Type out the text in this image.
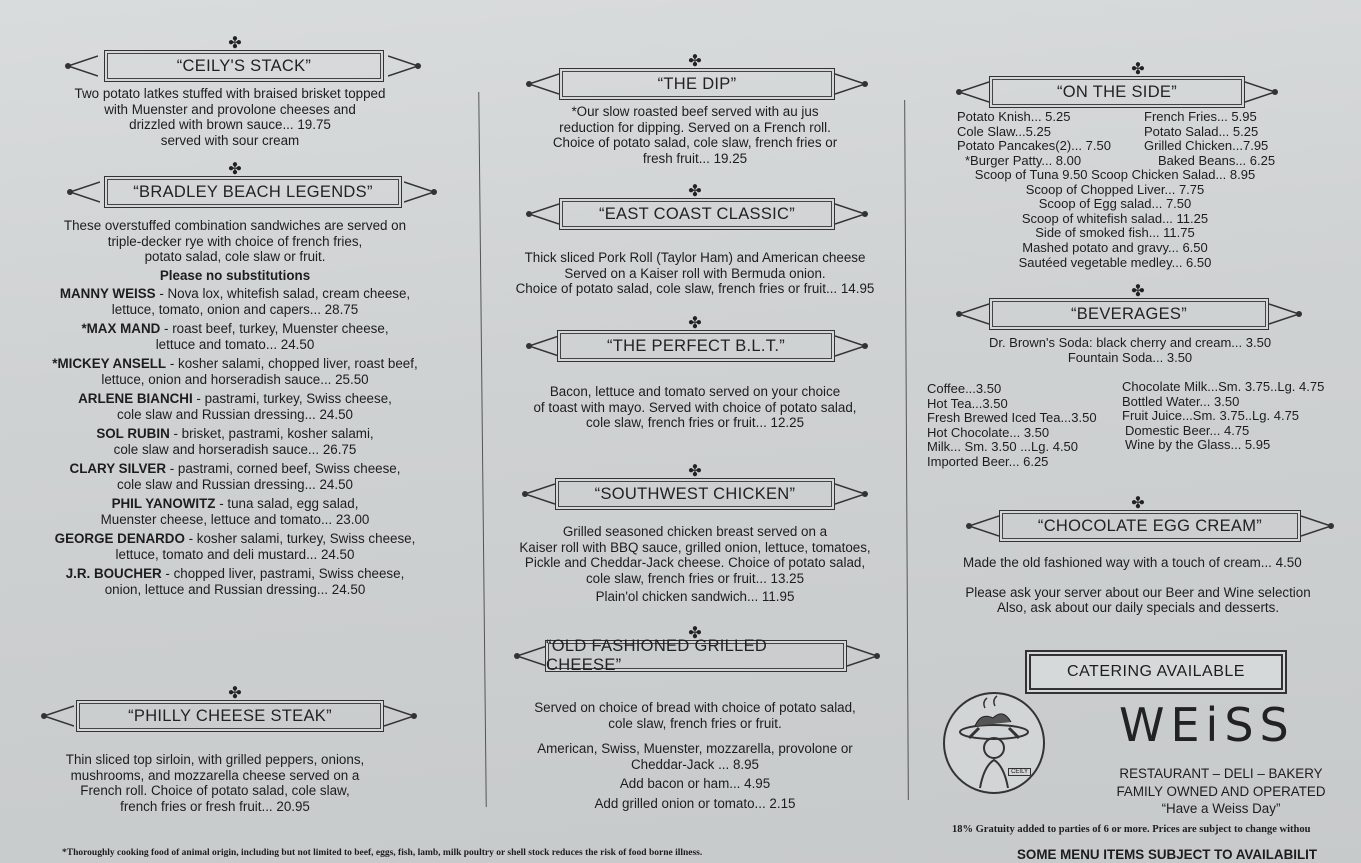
✤
“CEILY'S STACK”
Two potato latkes stuffed with braised brisket topped
with Muenster and provolone cheeses and
drizzled with brown sauce... 19.75
served with sour cream
✤
“BRADLEY BEACH LEGENDS”
These overstuffed combination sandwiches are served on
triple-decker rye with choice of french fries,
potato salad, cole slaw or fruit.
Please no substitutions
MANNY WEISS - Nova lox, whitefish salad, cream cheese,
lettuce, tomato, onion and capers... 28.75
*MAX MAND - roast beef, turkey, Muenster cheese,
lettuce and tomato... 24.50
*MICKEY ANSELL - kosher salami, chopped liver, roast beef,
lettuce, onion and horseradish sauce... 25.50
ARLENE BIANCHI - pastrami, turkey, Swiss cheese,
cole slaw and Russian dressing... 24.50
SOL RUBIN - brisket, pastrami, kosher salami,
cole slaw and horseradish sauce... 26.75
CLARY SILVER - pastrami, corned beef, Swiss cheese,
cole slaw and Russian dressing... 24.50
PHIL YANOWITZ - tuna salad, egg salad,
Muenster cheese, lettuce and tomato... 23.00
GEORGE DENARDO - kosher salami, turkey, Swiss cheese,
lettuce, tomato and deli mustard... 24.50
J.R. BOUCHER - chopped liver, pastrami, Swiss cheese,
onion, lettuce and Russian dressing... 24.50
✤
“PHILLY CHEESE STEAK”
Thin sliced top sirloin, with grilled peppers, onions,
mushrooms, and mozzarella cheese served on a
French roll. Choice of potato salad, cole slaw,
french fries or fresh fruit... 20.95
✤
“THE DIP”
*Our slow roasted beef served with au jus
reduction for dipping. Served on a French roll.
Choice of potato salad, cole slaw, french fries or
fresh fruit... 19.25
✤
“EAST COAST CLASSIC”
Thick sliced Pork Roll (Taylor Ham) and American cheese
Served on a Kaiser roll with Bermuda onion.
Choice of potato salad, cole slaw, french fries or fruit... 14.95
✤
“THE PERFECT B.L.T.”
Bacon, lettuce and tomato served on your choice
of toast with mayo. Served with choice of potato salad,
cole slaw, french fries or fruit... 12.25
✤
“SOUTHWEST CHICKEN”
Grilled seasoned chicken breast served on a
Kaiser roll with BBQ sauce, grilled onion, lettuce, tomatoes,
Pickle and Cheddar-Jack cheese. Choice of potato salad,
cole slaw, french fries or fruit... 13.25
Plain'ol chicken sandwich... 11.95
✤
“OLD FASHIONED GRILLED CHEESE”
Served on choice of bread with choice of potato salad,
cole slaw, french fries or fruit.
American, Swiss, Muenster, mozzarella, provolone or
Cheddar-Jack ... 8.95
Add bacon or ham... 4.95
Add grilled onion or tomato... 2.15
✤
“ON THE SIDE”
Potato Knish... 5.25
Cole Slaw...5.25
Potato Pancakes(2)... 7.50
*Burger Patty... 8.00
French Fries... 5.95
Potato Salad... 5.25
Grilled Chicken...7.95
Baked Beans... 6.25
Scoop of Tuna 9.50 Scoop Chicken Salad... 8.95
Scoop of Chopped Liver... 7.75
Scoop of Egg salad... 7.50
Scoop of whitefish salad... 11.25
Side of smoked fish... 11.75
Mashed potato and gravy... 6.50
Sautéed vegetable medley... 6.50
✤
“BEVERAGES”
Dr. Brown's Soda: black cherry and cream... 3.50
Fountain Soda... 3.50
Coffee...3.50
Hot Tea...3.50
Fresh Brewed Iced Tea...3.50
Hot Chocolate... 3.50
Milk... Sm. 3.50 ...Lg. 4.50
Imported Beer... 6.25
Chocolate Milk...Sm. 3.75..Lg. 4.75
Bottled Water... 3.50
Fruit Juice...Sm. 3.75..Lg. 4.75
Domestic Beer... 4.75
Wine by the Glass... 5.95
✤
“CHOCOLATE EGG CREAM”
Made the old fashioned way with a touch of cream... 4.50
Please ask your server about our Beer and Wine selection
Also, ask about our daily specials and desserts.
CATERING AVAILABLE
CEILY
WEiSS
RESTAURANT – DELI – BAKERY
FAMILY OWNED AND OPERATED
“Have a Weiss Day”
18% Gratuity added to parties of 6 or more. Prices are subject to change withou
SOME MENU ITEMS SUBJECT TO AVAILABILIT
*Thoroughly cooking food of animal origin, including but not limited to beef, eggs, fish, lamb, milk poultry or shell stock reduces the risk of food borne illness.
